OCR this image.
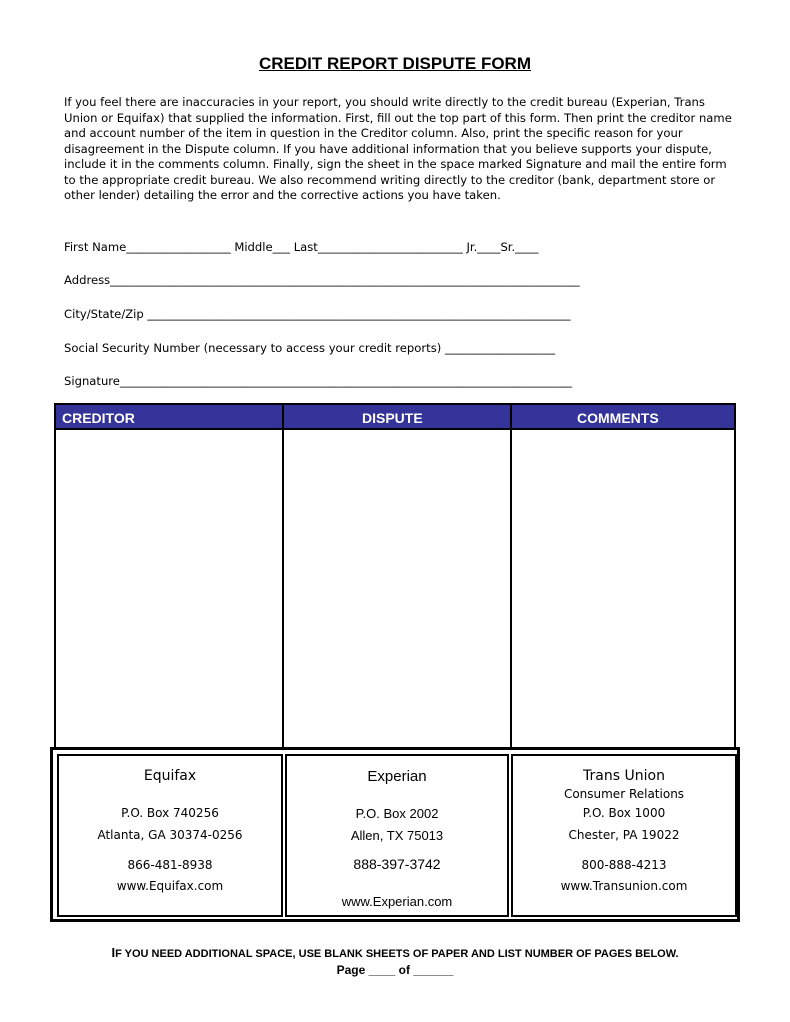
CREDIT REPORT DISPUTE FORM
If you feel there are inaccuracies in your report, you should write directly to the credit bureau (Experian, Trans Union or Equifax) that supplied the information. First, fill out the top part of this form. Then print the creditor name and account number of the item in question in the Creditor column. Also, print the specific reason for your disagreement in the Dispute column. If you have additional information that you believe supports your dispute, include it in the comments column. Finally, sign the sheet in the space marked Signature and mail the entire form to the appropriate credit bureau. We also recommend writing directly to the creditor (bank, department store or other lender) detailing the error and the corrective actions you have taken.
First Name__________________ Middle___ Last_________________________ Jr.____Sr.____
Address_________________________________________________________________________________
City/State/Zip _________________________________________________________________________
Social Security Number (necessary to access your credit reports) ___________________
Signature______________________________________________________________________________
CREDITOR	DISPUTE	COMMENTS
Equifax
P.O. Box 740256
Atlanta, GA 30374-0256
866-481-8938
www.Equifax.com
Experian
P.O. Box 2002
Allen, TX 75013
888-397-3742
www.Experian.com
Trans Union
Consumer Relations
P.O. Box 1000
Chester, PA 19022
800-888-4213
www.Transunion.com
IF YOU NEED ADDITIONAL SPACE, USE BLANK SHEETS OF PAPER AND LIST NUMBER OF PAGES BELOW.
Page ____ of ______
